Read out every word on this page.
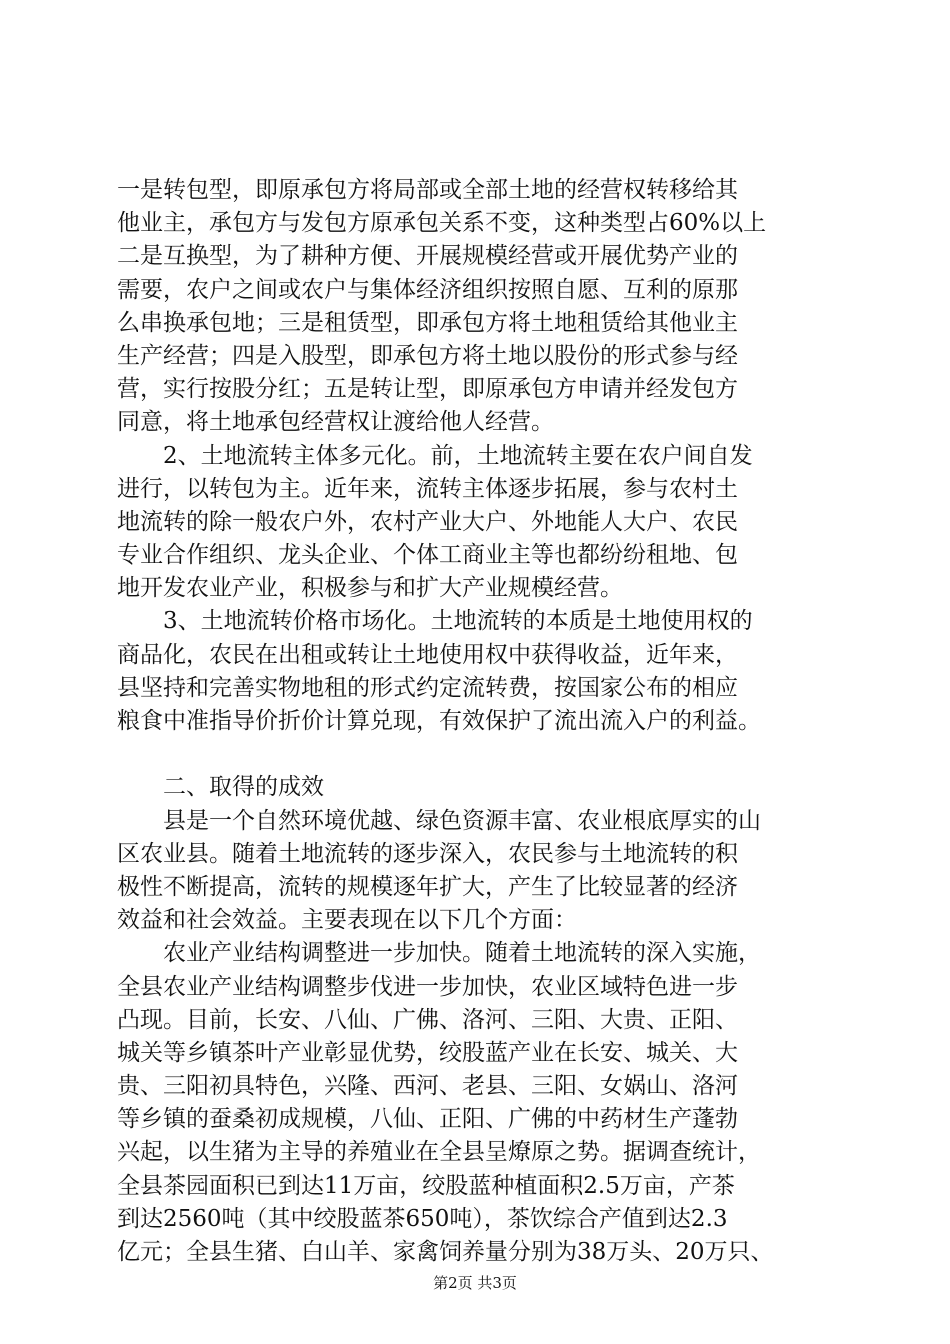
一是转包型，即原承包方将局部或全部土地的经营权转移给其
他业主，承包方与发包方原承包关系不变，这种类型占60%以上
二是互换型，为了耕种方便、开展规模经营或开展优势产业的
需要，农户之间或农户与集体经济组织按照自愿、互利的原那
么串换承包地；三是租赁型，即承包方将土地租赁给其他业主
生产经营；四是入股型，即承包方将土地以股份的形式参与经
营，实行按股分红；五是转让型，即原承包方申请并经发包方
同意，将土地承包经营权让渡给他人经营。
2、土地流转主体多元化。前，土地流转主要在农户间自发
进行，以转包为主。近年来，流转主体逐步拓展，参与农村土
地流转的除一般农户外，农村产业大户、外地能人大户、农民
专业合作组织、龙头企业、个体工商业主等也都纷纷租地、包
地开发农业产业，积极参与和扩大产业规模经营。
3、土地流转价格市场化。土地流转的本质是土地使用权的
商品化，农民在出租或转让土地使用权中获得收益，近年来，
县坚持和完善实物地租的形式约定流转费，按国家公布的相应
粮食中准指导价折价计算兑现，有效保护了流出流入户的利益。
二、取得的成效
县是一个自然环境优越、绿色资源丰富、农业根底厚实的山
区农业县。随着土地流转的逐步深入，农民参与土地流转的积
极性不断提高，流转的规模逐年扩大，产生了比较显著的经济
效益和社会效益。主要表现在以下几个方面：
农业产业结构调整进一步加快。随着土地流转的深入实施，
全县农业产业结构调整步伐进一步加快，农业区域特色进一步
凸现。目前，长安、八仙、广佛、洛河、三阳、大贵、正阳、
城关等乡镇茶叶产业彰显优势，绞股蓝产业在长安、城关、大
贵、三阳初具特色，兴隆、西河、老县、三阳、女娲山、洛河
等乡镇的蚕桑初成规模，八仙、正阳、广佛的中药材生产蓬勃
兴起，以生猪为主导的养殖业在全县呈燎原之势。据调查统计，
全县茶园面积已到达11万亩，绞股蓝种植面积2.5万亩，产茶
到达2560吨（其中绞股蓝茶650吨），茶饮综合产值到达2.3
亿元；全县生猪、白山羊、家禽饲养量分别为38万头、20万只、
第2页 共3页
